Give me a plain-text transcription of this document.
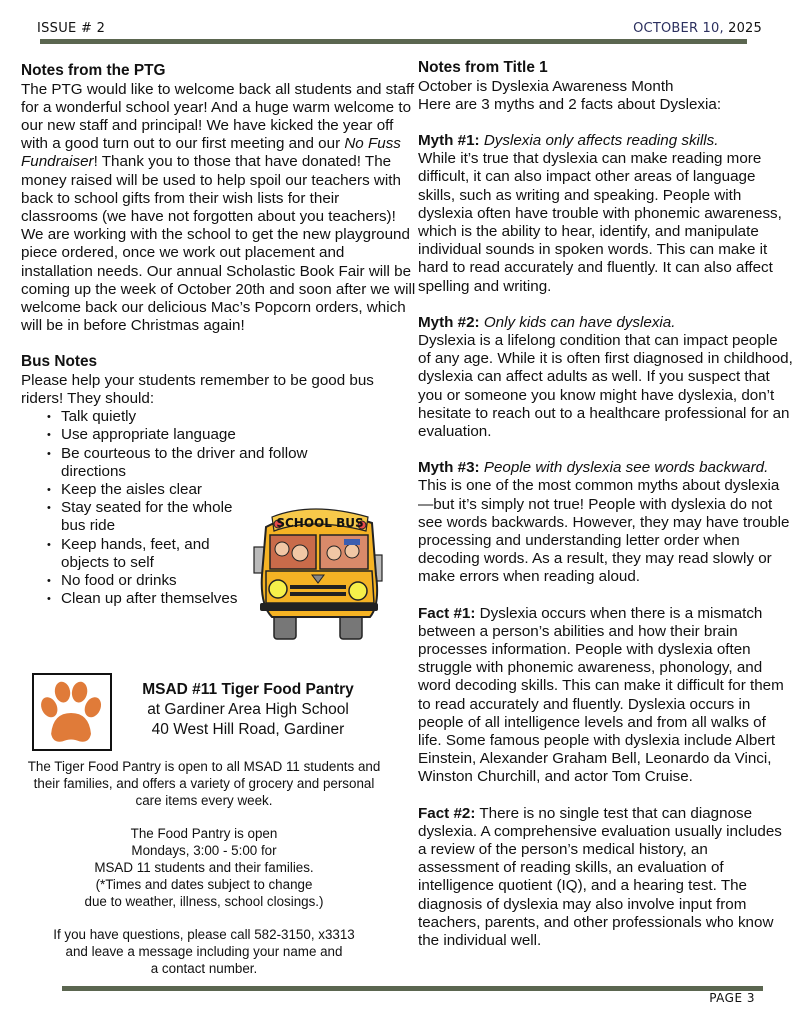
ISSUE # 2	OCTOBER 10, 2025
Notes from the PTG

The PTG would like to welcome back all students and staff for a wonderful school year! And a huge warm welcome to our new staff and principal! We have kicked the year off with a good turn out to our first meeting and our No Fuss Fundraiser! Thank you to those that have donated! The money raised will be used to help spoil our teachers with back to school gifts from their wish lists for their classrooms (we have not forgotten about you teachers)! We are working with the school to get the new playground piece ordered, once we work out placement and installation needs. Our annual Scholastic Book Fair will be coming up the week of October 20th and soon after we will welcome back our delicious Mac’s Popcorn orders, which will be in before Christmas again!

Bus Notes

Please help your students remember to be good bus riders! They should:

• Talk quietly
• Use appropriate language
• Be courteous to the driver and follow directions
• Keep the aisles clear
• Stay seated for the whole bus ride
• Keep hands, feet, and objects to self
• No food or drinks
• Clean up after themselves
SCHOOL BUS
MSAD #11 Tiger Food Pantry
at Gardiner Area High School
40 West Hill Road, Gardiner
The Tiger Food Pantry is open to all MSAD 11 students and their families, and offers a variety of grocery and personal care items every week.
The Food Pantry is open
Mondays, 3:00 - 5:00 for
MSAD 11 students and their families.
(*Times and dates subject to change
due to weather, illness, school closings.)
If you have questions, please call 582-3150, x3313
and leave a message including your name and
a contact number.
Notes from Title 1

October is Dyslexia Awareness Month

Here are 3 myths and 2 facts about Dyslexia:

Myth #1: Dyslexia only affects reading skills.

While it’s true that dyslexia can make reading more difficult, it can also impact other areas of language skills, such as writing and speaking. People with dyslexia often have trouble with phonemic awareness, which is the ability to hear, identify, and manipulate individual sounds in spoken words. This can make it hard to read accurately and fluently. It can also affect spelling and writing.

Myth #2: Only kids can have dyslexia.

Dyslexia is a lifelong condition that can impact people of any age. While it is often first diagnosed in childhood, dyslexia can affect adults as well. If you suspect that you or someone you know might have dyslexia, don’t hesitate to reach out to a healthcare professional for an evaluation.

Myth #3: People with dyslexia see words backward.

This is one of the most common myths about dyslexia—but it’s simply not true! People with dyslexia do not see words backwards. However, they may have trouble processing and understanding letter order when decoding words. As a result, they may read slowly or make errors when reading aloud.

Fact #1: Dyslexia occurs when there is a mismatch between a person’s abilities and how their brain processes information. People with dyslexia often struggle with phonemic awareness, phonology, and word decoding skills. This can make it difficult for them to read accurately and fluently. Dyslexia occurs in people of all intelligence levels and from all walks of life. Some famous people with dyslexia include Albert Einstein, Alexander Graham Bell, Leonardo da Vinci, Winston Churchill, and actor Tom Cruise.

Fact #2: There is no single test that can diagnose dyslexia. A comprehensive evaluation usually includes a review of the person’s medical history, an assessment of reading skills, an evaluation of intelligence quotient (IQ), and a hearing test. The diagnosis of dyslexia may also involve input from teachers, parents, and other professionals who know the individual well.

PAGE 3
